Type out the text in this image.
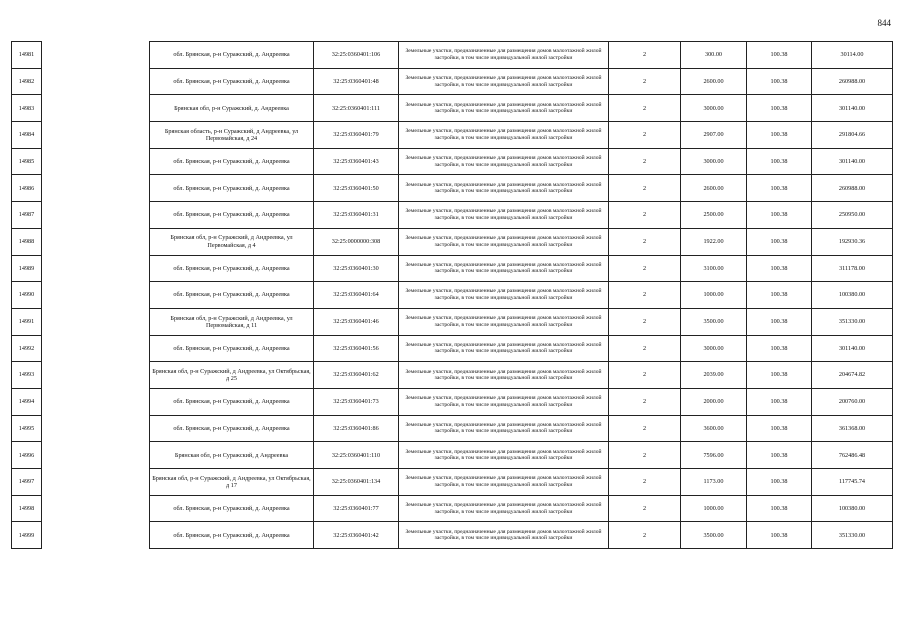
844
14981		обл. Брянская, р-н Суражский, д. Андреевка	32:25:0360401:106	Земельные участки, предназначенные для размещения домов малоэтажной жилой застройки, в том числе индивидуальной жилой застройки	2	300.00	100.38	30114.00
14982		обл. Брянская, р-н Суражский, д. Андреевка	32:25:0360401:48	Земельные участки, предназначенные для размещения домов малоэтажной жилой застройки, в том числе индивидуальной жилой застройки	2	2600.00	100.38	260988.00
14983		Брянская обл, р-н Суражский, д. Андреевка	32:25:0360401:111	Земельные участки, предназначенные для размещения домов малоэтажной жилой застройки, в том числе индивидуальной жилой застройки	2	3000.00	100.38	301140.00
14984		Брянская область, р-н Суражский, д Андреевка, ул Первомайская, д 24	32:25:0360401:79	Земельные участки, предназначенные для размещения домов малоэтажной жилой застройки, в том числе индивидуальной жилой застройки	2	2907.00	100.38	291804.66
14985		обл. Брянская, р-н Суражский, д. Андреевка	32:25:0360401:43	Земельные участки, предназначенные для размещения домов малоэтажной жилой застройки, в том числе индивидуальной жилой застройки	2	3000.00	100.38	301140.00
14986		обл. Брянская, р-н Суражский, д. Андреевка	32:25:0360401:50	Земельные участки, предназначенные для размещения домов малоэтажной жилой застройки, в том числе индивидуальной жилой застройки	2	2600.00	100.38	260988.00
14987		обл. Брянская, р-н Суражский, д. Андреевка	32:25:0360401:31	Земельные участки, предназначенные для размещения домов малоэтажной жилой застройки, в том числе индивидуальной жилой застройки	2	2500.00	100.38	250950.00
14988		Брянская обл, р-н Суражский, д Андреевка, ул Первомайская, д 4	32:25:0000000:308	Земельные участки, предназначенные для размещения домов малоэтажной жилой застройки, в том числе индивидуальной жилой застройки	2	1922.00	100.38	192930.36
14989		обл. Брянская, р-н Суражский, д. Андреевка	32:25:0360401:30	Земельные участки, предназначенные для размещения домов малоэтажной жилой застройки, в том числе индивидуальной жилой застройки	2	3100.00	100.38	311178.00
14990		обл. Брянская, р-н Суражский, д. Андреевка	32:25:0360401:64	Земельные участки, предназначенные для размещения домов малоэтажной жилой застройки, в том числе индивидуальной жилой застройки	2	1000.00	100.38	100380.00
14991		Брянская обл, р-н Суражский, д Андреевка, ул Первомайская, д 11	32:25:0360401:46	Земельные участки, предназначенные для размещения домов малоэтажной жилой застройки, в том числе индивидуальной жилой застройки	2	3500.00	100.38	351330.00
14992		обл. Брянская, р-н Суражский, д. Андреевка	32:25:0360401:56	Земельные участки, предназначенные для размещения домов малоэтажной жилой застройки, в том числе индивидуальной жилой застройки	2	3000.00	100.38	301140.00
14993		Брянская обл, р-н Суражский, д Андреевка, ул Октябрьская, д 25	32:25:0360401:62	Земельные участки, предназначенные для размещения домов малоэтажной жилой застройки, в том числе индивидуальной жилой застройки	2	2039.00	100.38	204674.82
14994		обл. Брянская, р-н Суражский, д. Андреевка	32:25:0360401:73	Земельные участки, предназначенные для размещения домов малоэтажной жилой застройки, в том числе индивидуальной жилой застройки	2	2000.00	100.38	200760.00
14995		обл. Брянская, р-н Суражский, д. Андреевка	32:25:0360401:86	Земельные участки, предназначенные для размещения домов малоэтажной жилой застройки, в том числе индивидуальной жилой застройки	2	3600.00	100.38	361368.00
14996		Брянская обл, р-н Суражский, д Андреевка	32:25:0360401:110	Земельные участки, предназначенные для размещения домов малоэтажной жилой застройки, в том числе индивидуальной жилой застройки	2	7596.00	100.38	762486.48
14997		Брянская обл, р-н Суражский, д Андреевка, ул Октябрьская, д 17	32:25:0360401:134	Земельные участки, предназначенные для размещения домов малоэтажной жилой застройки, в том числе индивидуальной жилой застройки	2	1173.00	100.38	117745.74
14998		обл. Брянская, р-н Суражский, д. Андреевка	32:25:0360401:77	Земельные участки, предназначенные для размещения домов малоэтажной жилой застройки, в том числе индивидуальной жилой застройки	2	1000.00	100.38	100380.00
14999		обл. Брянская, р-н Суражский, д. Андреевка	32:25:0360401:42	Земельные участки, предназначенные для размещения домов малоэтажной жилой застройки, в том числе индивидуальной жилой застройки	2	3500.00	100.38	351330.00
